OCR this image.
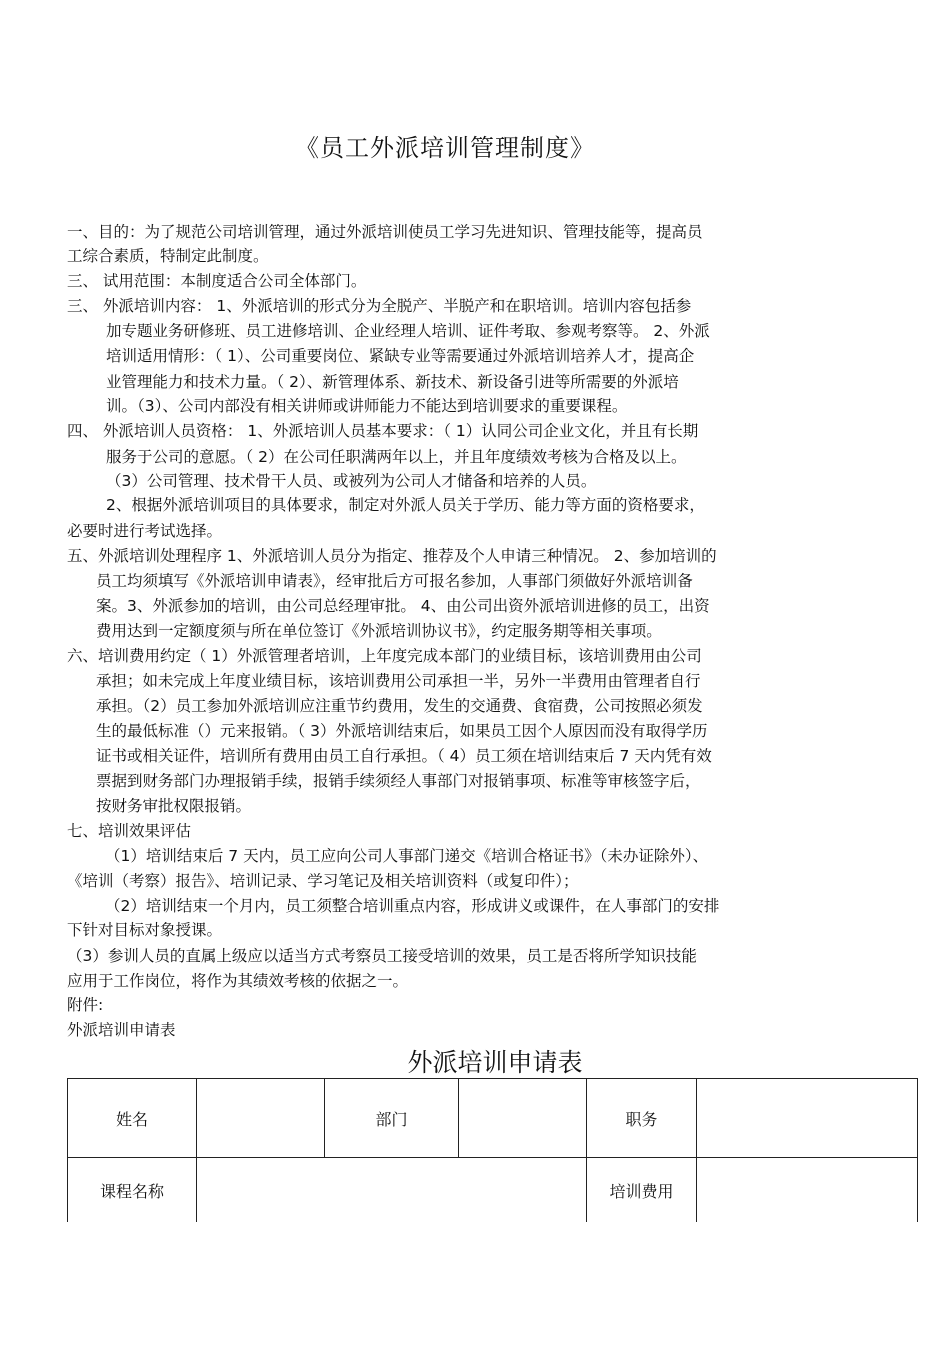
《员工外派培训管理制度》
一、目的：为了规范公司培训管理，通过外派培训使员工学习先进知识、管理技能等，提高员
工综合素质，特制定此制度。
三、 试用范围：本制度适合公司全体部门。
三、 外派培训内容： 1、外派培训的形式分为全脱产、半脱产和在职培训。培训内容包括参
加专题业务研修班、员工进修培训、企业经理人培训、证件考取、参观考察等。 2、外派
培训适用情形：（ 1）、公司重要岗位、紧缺专业等需要通过外派培训培养人才，提高企
业管理能力和技术力量。（ 2）、新管理体系、新技术、新设备引进等所需要的外派培
训。（3）、公司内部没有相关讲师或讲师能力不能达到培训要求的重要课程。
四、 外派培训人员资格： 1、外派培训人员基本要求：（ 1）认同公司企业文化，并且有长期
服务于公司的意愿。（ 2）在公司任职满两年以上，并且年度绩效考核为合格及以上。
（3）公司管理、技术骨干人员、或被列为公司人才储备和培养的人员。
2、根据外派培训项目的具体要求，制定对外派人员关于学历、能力等方面的资格要求，
必要时进行考试选择。
五、外派培训处理程序 1、外派培训人员分为指定、推荐及个人申请三种情况。 2、参加培训的
员工均须填写《外派培训申请表》，经审批后方可报名参加，人事部门须做好外派培训备
案。3、外派参加的培训，由公司总经理审批。 4、由公司出资外派培训进修的员工，出资
费用达到一定额度须与所在单位签订《外派培训协议书》，约定服务期等相关事项。
六、培训费用约定（ 1）外派管理者培训，上年度完成本部门的业绩目标，该培训费用由公司
承担；如未完成上年度业绩目标，该培训费用公司承担一半，另外一半费用由管理者自行
承担。（2）员工参加外派培训应注重节约费用，发生的交通费、食宿费，公司按照必须发
生的最低标准（）元来报销。（ 3）外派培训结束后，如果员工因个人原因而没有取得学历
证书或相关证件，培训所有费用由员工自行承担。（ 4）员工须在培训结束后 7 天内凭有效
票据到财务部门办理报销手续，报销手续须经人事部门对报销事项、标准等审核签字后，
按财务审批权限报销。
七、培训效果评估
（1）培训结束后 7 天内，员工应向公司人事部门递交《培训合格证书》（未办证除外）、
《培训（考察）报告》、培训记录、学习笔记及相关培训资料（或复印件）；
（2）培训结束一个月内，员工须整合培训重点内容，形成讲义或课件，在人事部门的安排
下针对目标对象授课。
（3）参训人员的直属上级应以适当方式考察员工接受培训的效果，员工是否将所学知识技能
应用于工作岗位，将作为其绩效考核的依据之一。
附件:
外派培训申请表
外派培训申请表
姓名		部门		职务	
课程名称				培训费用	
